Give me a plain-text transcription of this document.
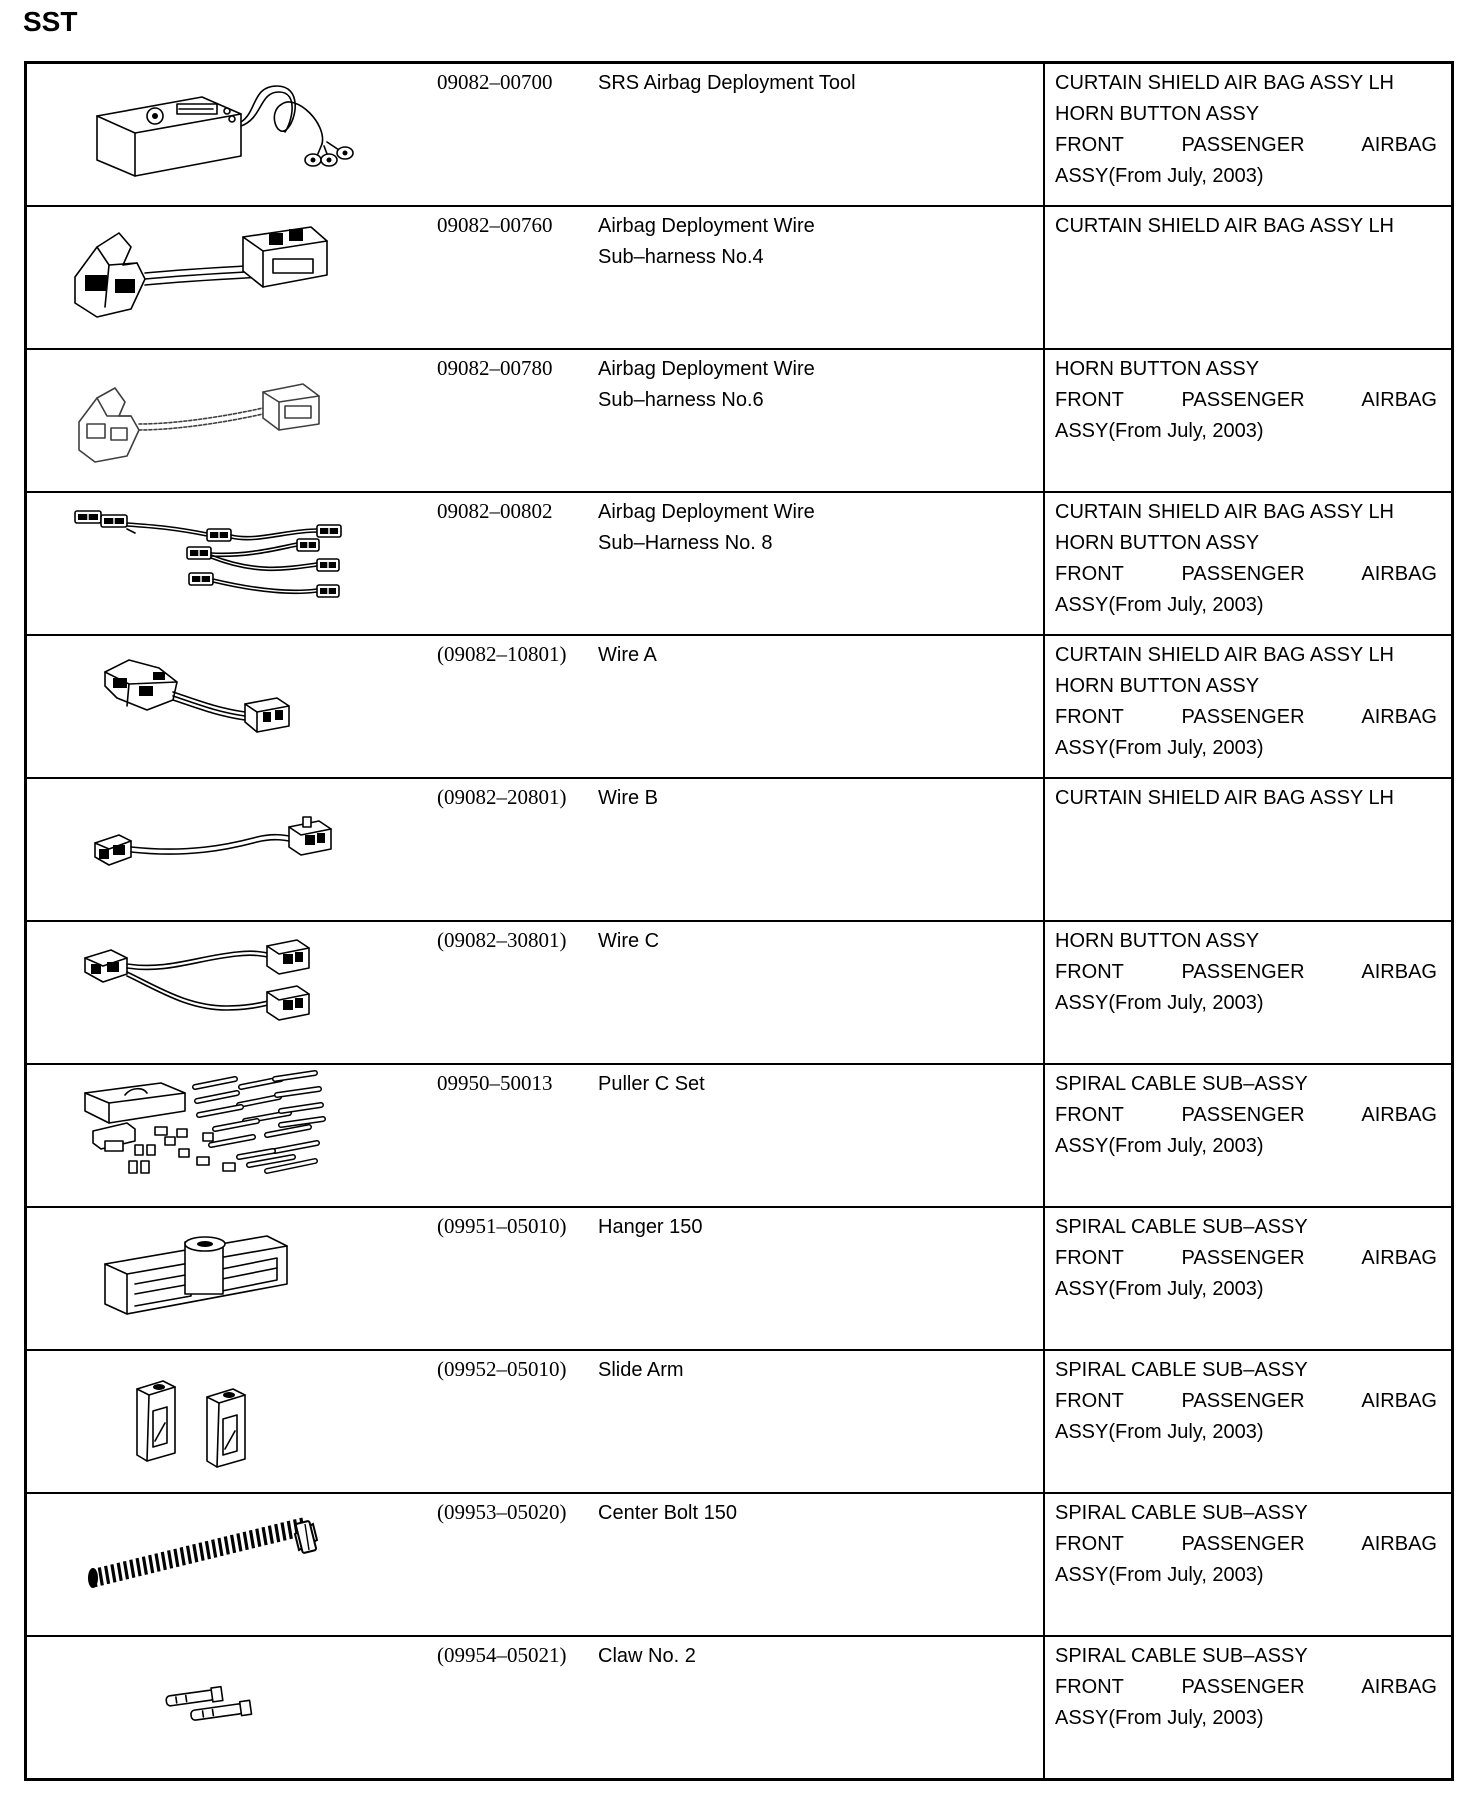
SST

09082–00700	SRS Airbag Deployment Tool	CURTAIN SHIELD AIR BAG ASSY LH
HORN BUTTON ASSY
FRONT PASSENGER AIRBAG
ASSY(From July, 2003)

09082–00760	Airbag Deployment Wire
Sub–harness No.4	CURTAIN SHIELD AIR BAG ASSY LH

09082–00780	Airbag Deployment Wire
Sub–harness No.6	HORN BUTTON ASSY
FRONT PASSENGER AIRBAG
ASSY(From July, 2003)

09082–00802	Airbag Deployment Wire
Sub–Harness No. 8	CURTAIN SHIELD AIR BAG ASSY LH
HORN BUTTON ASSY
FRONT PASSENGER AIRBAG
ASSY(From July, 2003)

(09082–10801)	Wire A	CURTAIN SHIELD AIR BAG ASSY LH
HORN BUTTON ASSY
FRONT PASSENGER AIRBAG
ASSY(From July, 2003)

(09082–20801)	Wire B	CURTAIN SHIELD AIR BAG ASSY LH

(09082–30801)	Wire C	HORN BUTTON ASSY
FRONT PASSENGER AIRBAG
ASSY(From July, 2003)

09950–50013	Puller C Set	SPIRAL CABLE SUB–ASSY
FRONT PASSENGER AIRBAG
ASSY(From July, 2003)

(09951–05010)	Hanger 150	SPIRAL CABLE SUB–ASSY
FRONT PASSENGER AIRBAG
ASSY(From July, 2003)

(09952–05010)	Slide Arm	SPIRAL CABLE SUB–ASSY
FRONT PASSENGER AIRBAG
ASSY(From July, 2003)

(09953–05020)	Center Bolt 150	SPIRAL CABLE SUB–ASSY
FRONT PASSENGER AIRBAG
ASSY(From July, 2003)

(09954–05021)	Claw No. 2	SPIRAL CABLE SUB–ASSY
FRONT PASSENGER AIRBAG
ASSY(From July, 2003)
